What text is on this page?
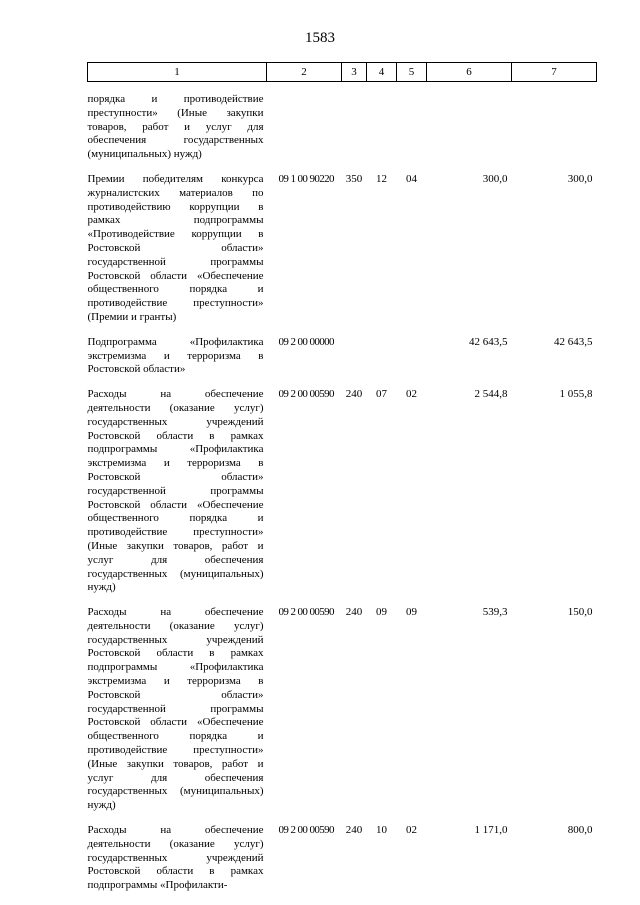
1583
1	2	3	4	5	6	7
порядка и противодействие преступности» (Иные закупки товаров, работ и услуг для обеспечения государственных (муниципальных) нужд)						

Премии победителям конкурса журналистских материалов по противодействию коррупции в рамках подпрограммы «Противодействие коррупции в Ростовской области» государственной программы Ростовской области «Обеспечение общественного порядка и противодействие преступности» (Премии и гранты)	09 1 00 90220	350	12	04	300,0	300,0

Подпрограмма «Профилактика экстремизма и терроризма в Ростовской области»	09 2 00 00000				42 643,5	42 643,5

Расходы на обеспечение деятельности (оказание услуг) государственных учреждений Ростовской области в рамках подпрограммы «Профилактика экстремизма и терроризма в Ростовской области» государственной программы Ростовской области «Обеспечение общественного порядка и противодействие преступности» (Иные закупки товаров, работ и услуг для обеспечения государственных (муниципальных) нужд)	09 2 00 00590	240	07	02	2 544,8	1 055,8

Расходы на обеспечение деятельности (оказание услуг) государственных учреждений Ростовской области в рамках подпрограммы «Профилактика экстремизма и терроризма в Ростовской области» государственной программы Ростовской области «Обеспечение общественного порядка и противодействие преступности» (Иные закупки товаров, работ и услуг для обеспечения государственных (муниципальных) нужд)	09 2 00 00590	240	09	09	539,3	150,0

Расходы на обеспечение деятельности (оказание услуг) государственных учреждений Ростовской области в рамках подпрограммы «Профилакти-	09 2 00 00590	240	10	02	1 171,0	800,0
